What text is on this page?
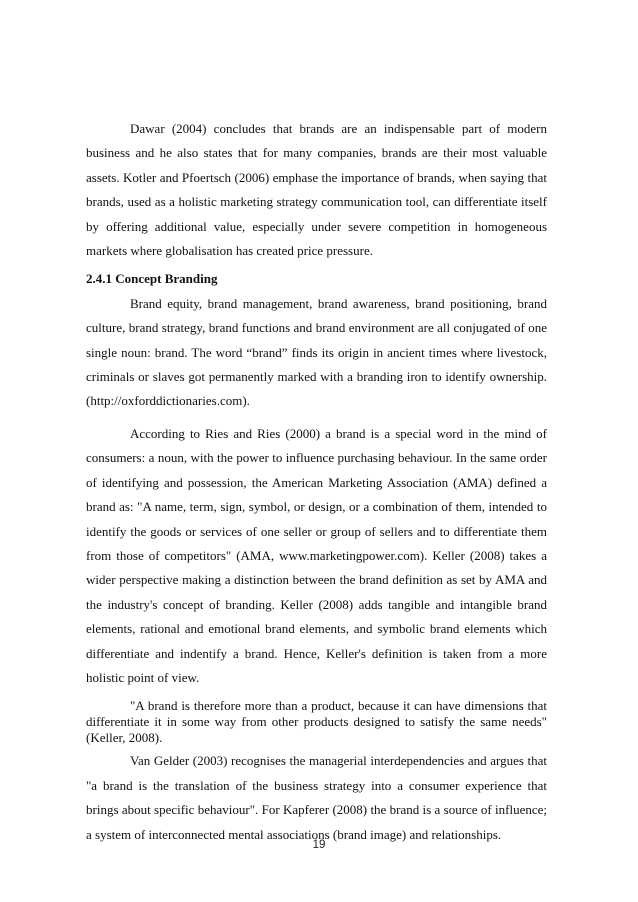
Dawar (2004) concludes that brands are an indispensable part of modern business and he also states that for many companies, brands are their most valuable assets. Kotler and Pfoertsch (2006) emphase the importance of brands, when saying that brands, used as a holistic marketing strategy communication tool, can differentiate itself by offering additional value, especially under severe competition in homogeneous markets where globalisation has created price pressure.

2.4.1 Concept Branding

Brand equity, brand management, brand awareness, brand positioning, brand culture, brand strategy, brand functions and brand environment are all conjugated of one single noun: brand. The word “brand” finds its origin in ancient times where livestock, criminals or slaves got permanently marked with a branding iron to identify ownership. (http://oxforddictionaries.com).

According to Ries and Ries (2000) a brand is a special word in the mind of consumers: a noun, with the power to influence purchasing behaviour. In the same order of identifying and possession, the American Marketing Association (AMA) defined a brand as: "A name, term, sign, symbol, or design, or a combination of them, intended to identify the goods or services of one seller or group of sellers and to differentiate them from those of competitors" (AMA, www.marketingpower.com). Keller (2008) takes a wider perspective making a distinction between the brand definition as set by AMA and the industry's concept of branding. Keller (2008) adds tangible and intangible brand elements, rational and emotional brand elements, and symbolic brand elements which differentiate and indentify a brand. Hence, Keller's definition is taken from a more holistic point of view.

"A brand is therefore more than a product, because it can have dimensions that differentiate it in some way from other products designed to satisfy the same needs" (Keller, 2008).

Van Gelder (2003) recognises the managerial interdependencies and argues that "a brand is the translation of the business strategy into a consumer experience that brings about specific behaviour". For Kapferer (2008) the brand is a source of influence; a system of interconnected mental associations (brand image) and relationships.

19
